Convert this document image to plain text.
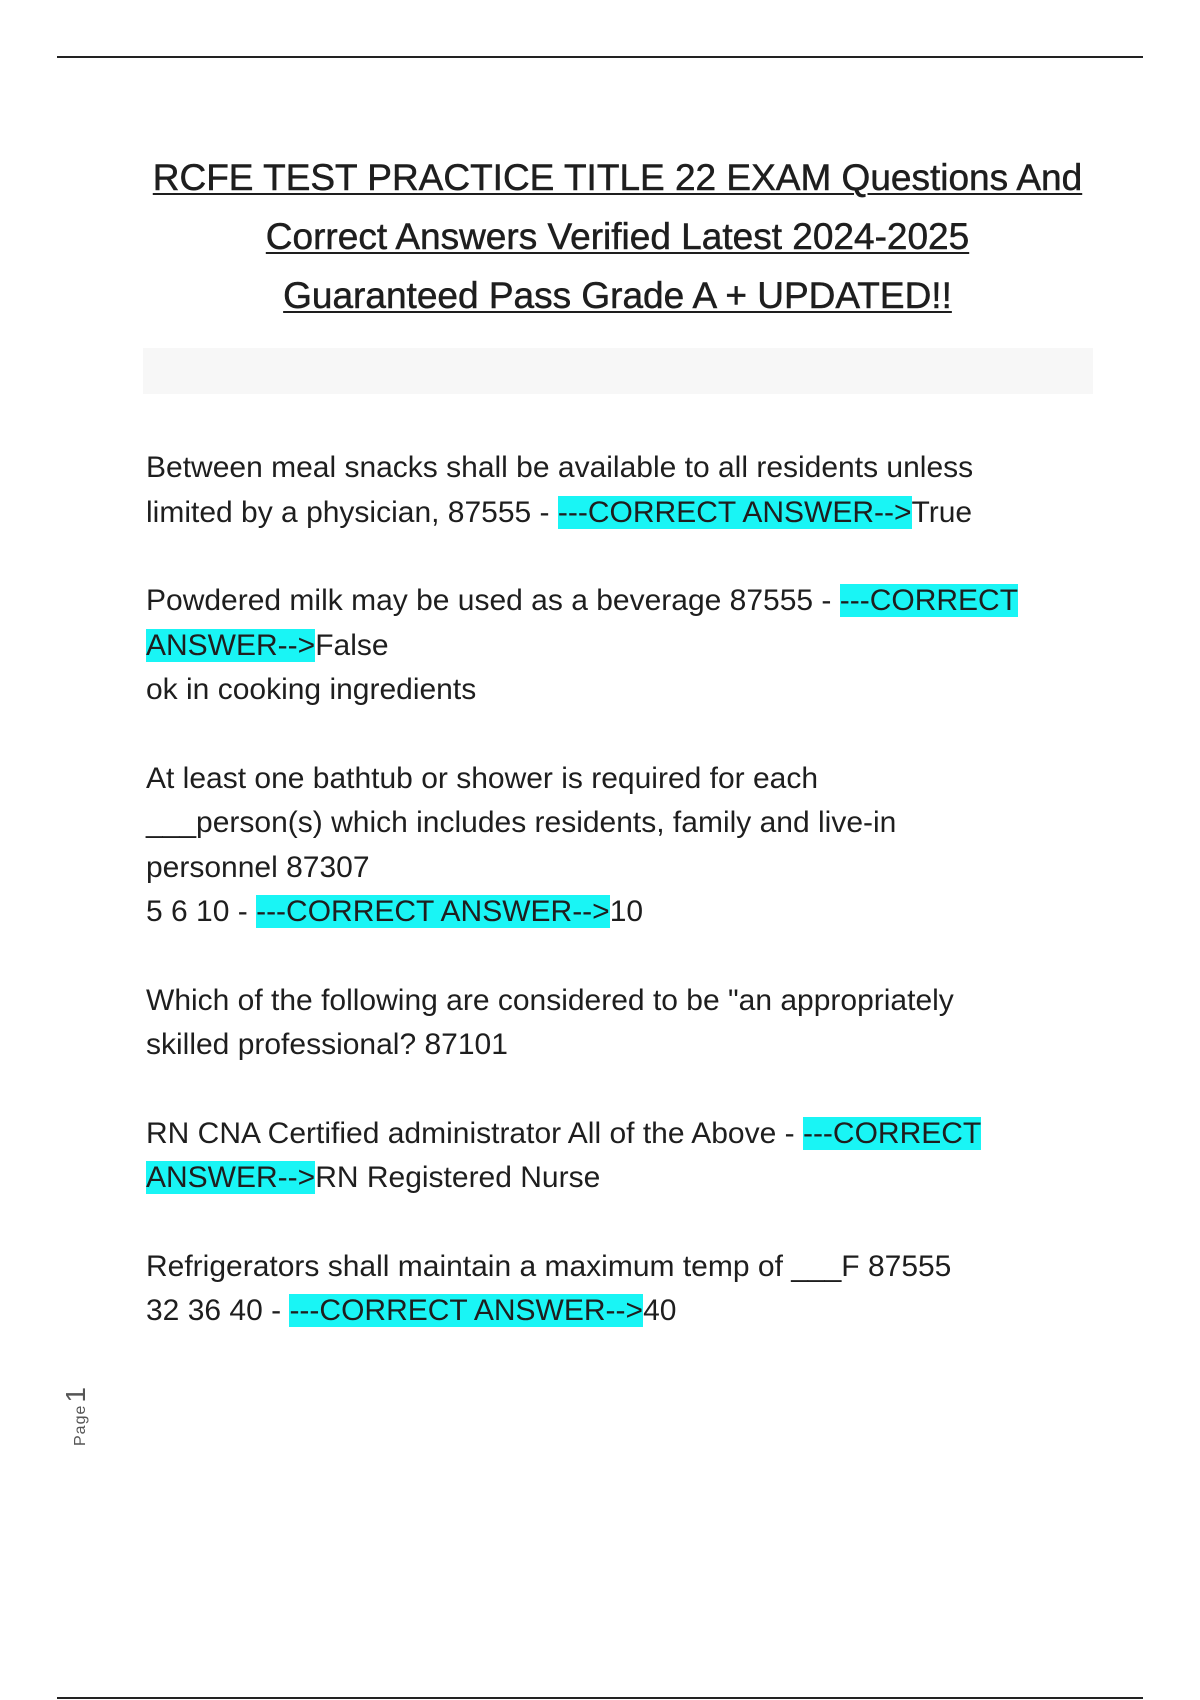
RCFE TEST PRACTICE TITLE 22 EXAM Questions And
Correct Answers Verified Latest 2024-2025
Guaranteed Pass Grade A + UPDATED!!

Between meal snacks shall be available to all residents unless

limited by a physician, 87555 - ---CORRECT ANSWER-->True

Powdered milk may be used as a beverage 87555 - ---CORRECT

ANSWER-->False

ok in cooking ingredients

At least one bathtub or shower is required for each

___person(s) which includes residents, family and live-in

personnel 87307

5 6 10 - ---CORRECT ANSWER-->10

Which of the following are considered to be "an appropriately

skilled professional? 87101

RN CNA Certified administrator All of the Above - ---CORRECT

ANSWER-->RN Registered Nurse

Refrigerators shall maintain a maximum temp of ___F 87555

32 36 40 - ---CORRECT ANSWER-->40

Page1
